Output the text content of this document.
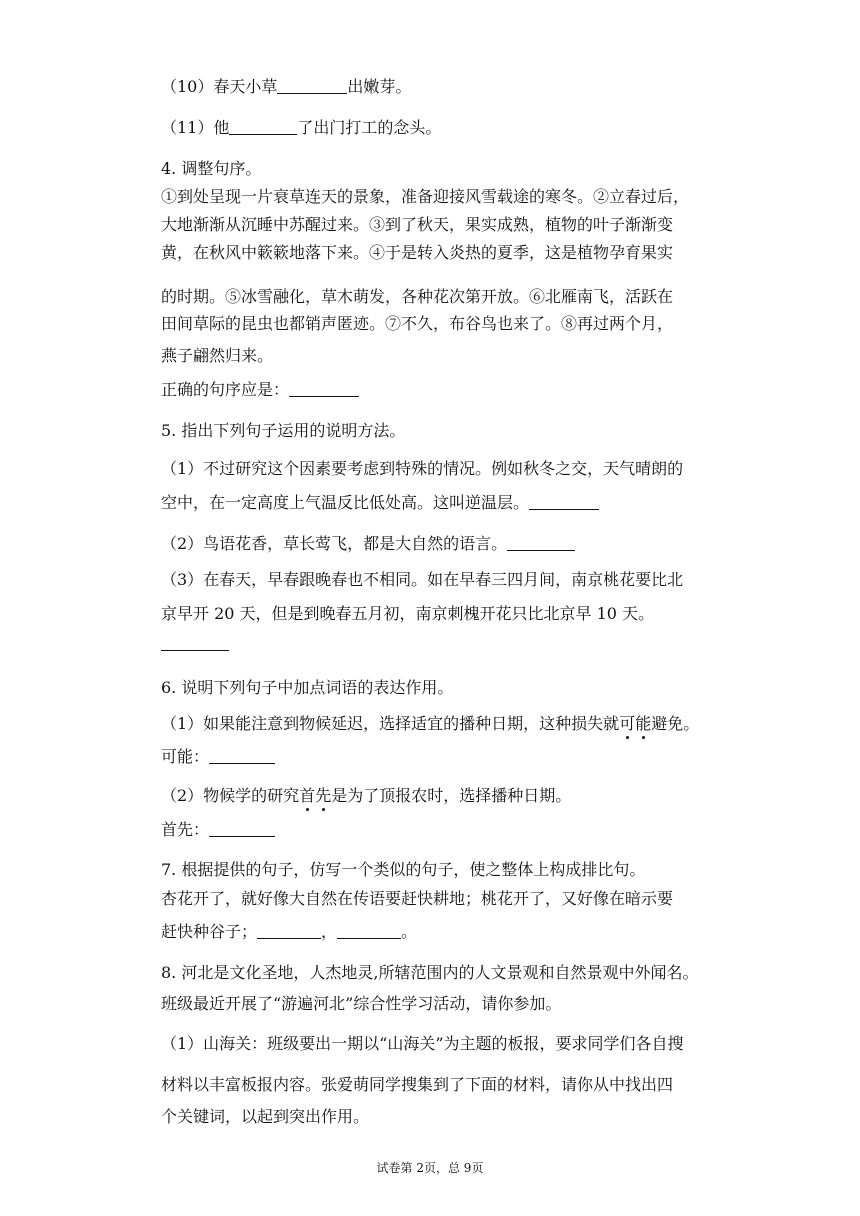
（10）春天小草	出嫩芽。
（11）他	了出门打工的念头。
4. 调整句序。
①到处呈现一片衰草连天的景象，准备迎接风雪载途的寒冬。②立春过后，
大地渐渐从沉睡中苏醒过来。③到了秋天，果实成熟，植物的叶子渐渐变
黄，在秋风中簌簌地落下来。④于是转入炎热的夏季，这是植物孕育果实
的时期。⑤冰雪融化，草木萌发，各种花次第开放。⑥北雁南飞，活跃在
田间草际的昆虫也都销声匿迹。⑦不久，布谷鸟也来了。⑧再过两个月，
燕子翩然归来。
正确的句序应是：
5. 指出下列句子运用的说明方法。
（1）不过研究这个因素要考虑到特殊的情况。例如秋冬之交，天气晴朗的
空中，在一定高度上气温反比低处高。这叫逆温层。
（2）鸟语花香，草长莺飞，都是大自然的语言。
（3）在春天，早春跟晚春也不相同。如在早春三四月间，南京桃花要比北
京早开 20 天，但是到晚春五月初，南京刺槐开花只比北京早 10 天。
6. 说明下列句子中加点词语的表达作用。
（1）如果能注意到物候延迟，选择适宜的播种日期，这种损失就可能避免。
可能：
（2）物候学的研究首先是为了顶报农时，选择播种日期。
首先：
7. 根据提供的句子，仿写一个类似的句子，使之整体上构成排比句。
杏花开了，就好像大自然在传语要赶快耕地；桃花开了，又好像在暗示要
赶快种谷子；	，	。
8. 河北是文化圣地，人杰地灵,所辖范围内的人文景观和自然景观中外闻名。
班级最近开展了“游遍河北”综合性学习活动，请你参加。
（1）山海关：班级要出一期以“山海关”为主题的板报，要求同学们各自搜
材料以丰富板报内容。张爱萌同学搜集到了下面的材料，请你从中找出四
个关键词，以起到突出作用。
试卷第 2页，总 9页
